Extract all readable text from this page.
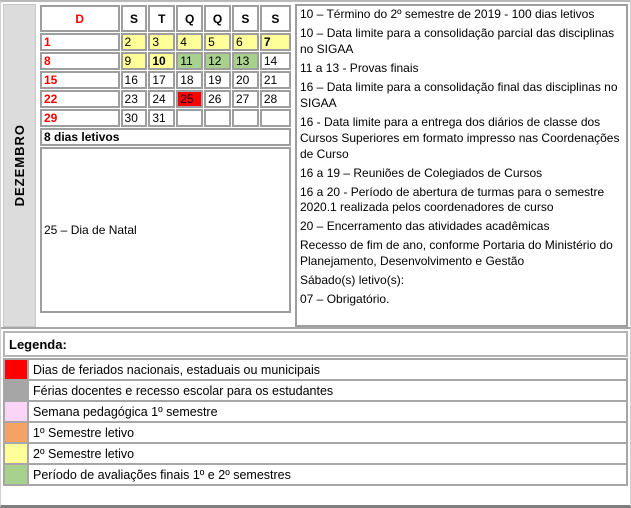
DEZEMBRO
D	S	T	Q	Q	S	S
1	2	3	4	5	6	7
8	9	10	11	12	13	14
15	16	17	18	19	20	21
22	23	24	25	26	27	28
29	30	31				
8 dias letivos						
25 – Dia de Natal						

10 – Término do 2º semestre de 2019 - 100 dias letivos

10 – Data limite para a consolidação parcial das disciplinas no SIGAA

11 a 13 - Provas finais

16 – Data limite para a consolidação final das disciplinas no SIGAA

16 - Data limite para a entrega dos diários de classe dos Cursos Superiores em formato impresso nas Coordenações de Curso

16 a 19 – Reuniões de Colegiados de Cursos

16 a 20 - Período de abertura de turmas para o semestre 2020.1 realizada pelos coordenadores de curso

20 – Encerramento das atividades acadêmicas

Recesso de fim de ano, conforme Portaria do Ministério do Planejamento, Desenvolvimento e Gestão

Sábado(s) letivo(s):

07 – Obrigatório.

Legenda:
	Dias de feriados nacionais, estaduais ou municipais
	Férias docentes e recesso escolar para os estudantes
	Semana pedagógica 1º semestre
	1º Semestre letivo
	2º Semestre letivo
	Período de avaliações finais 1º e 2º semestres
